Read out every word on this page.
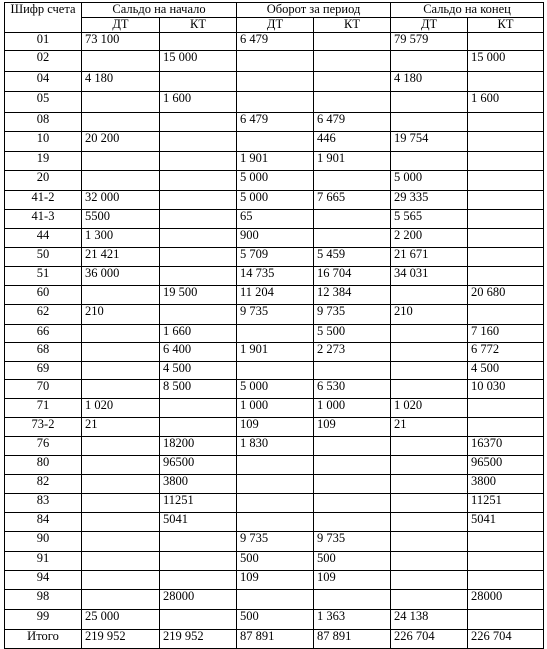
Шифр счета	Сальдо на начало		Оборот за период		Сальдо на конец	
	ДТ	КТ	ДТ	КТ	ДТ	КТ
01	73 100		6 479		79 579	
02		15 000				15 000
04	4 180				4 180	
05		1 600				1 600
08			6 479	6 479		
10	20 200			446	19 754	
19			1 901	1 901		
20			5 000		5 000	
41-2	32 000		5 000	7 665	29 335	
41-3	5500		65		5 565	
44	1 300		900		2 200	
50	21 421		5 709	5 459	21 671	
51	36 000		14 735	16 704	34 031	
60		19 500	11 204	12 384		20 680
62	210		9 735	9 735	210	
66		1 660		5 500		7 160
68		6 400	1 901	2 273		6 772
69		4 500				4 500
70		8 500	5 000	6 530		10 030
71	1 020		1 000	1 000	1 020	
73-2	21		109	109	21	
76		18200	1 830			16370
80		96500				96500
82		3800				3800
83		11251				11251
84		5041				5041
90			9 735	9 735		
91			500	500		
94			109	109		
98		28000				28000
99	25 000		500	1 363	24 138	
Итого	219 952	219 952	87 891	87 891	226 704	226 704
